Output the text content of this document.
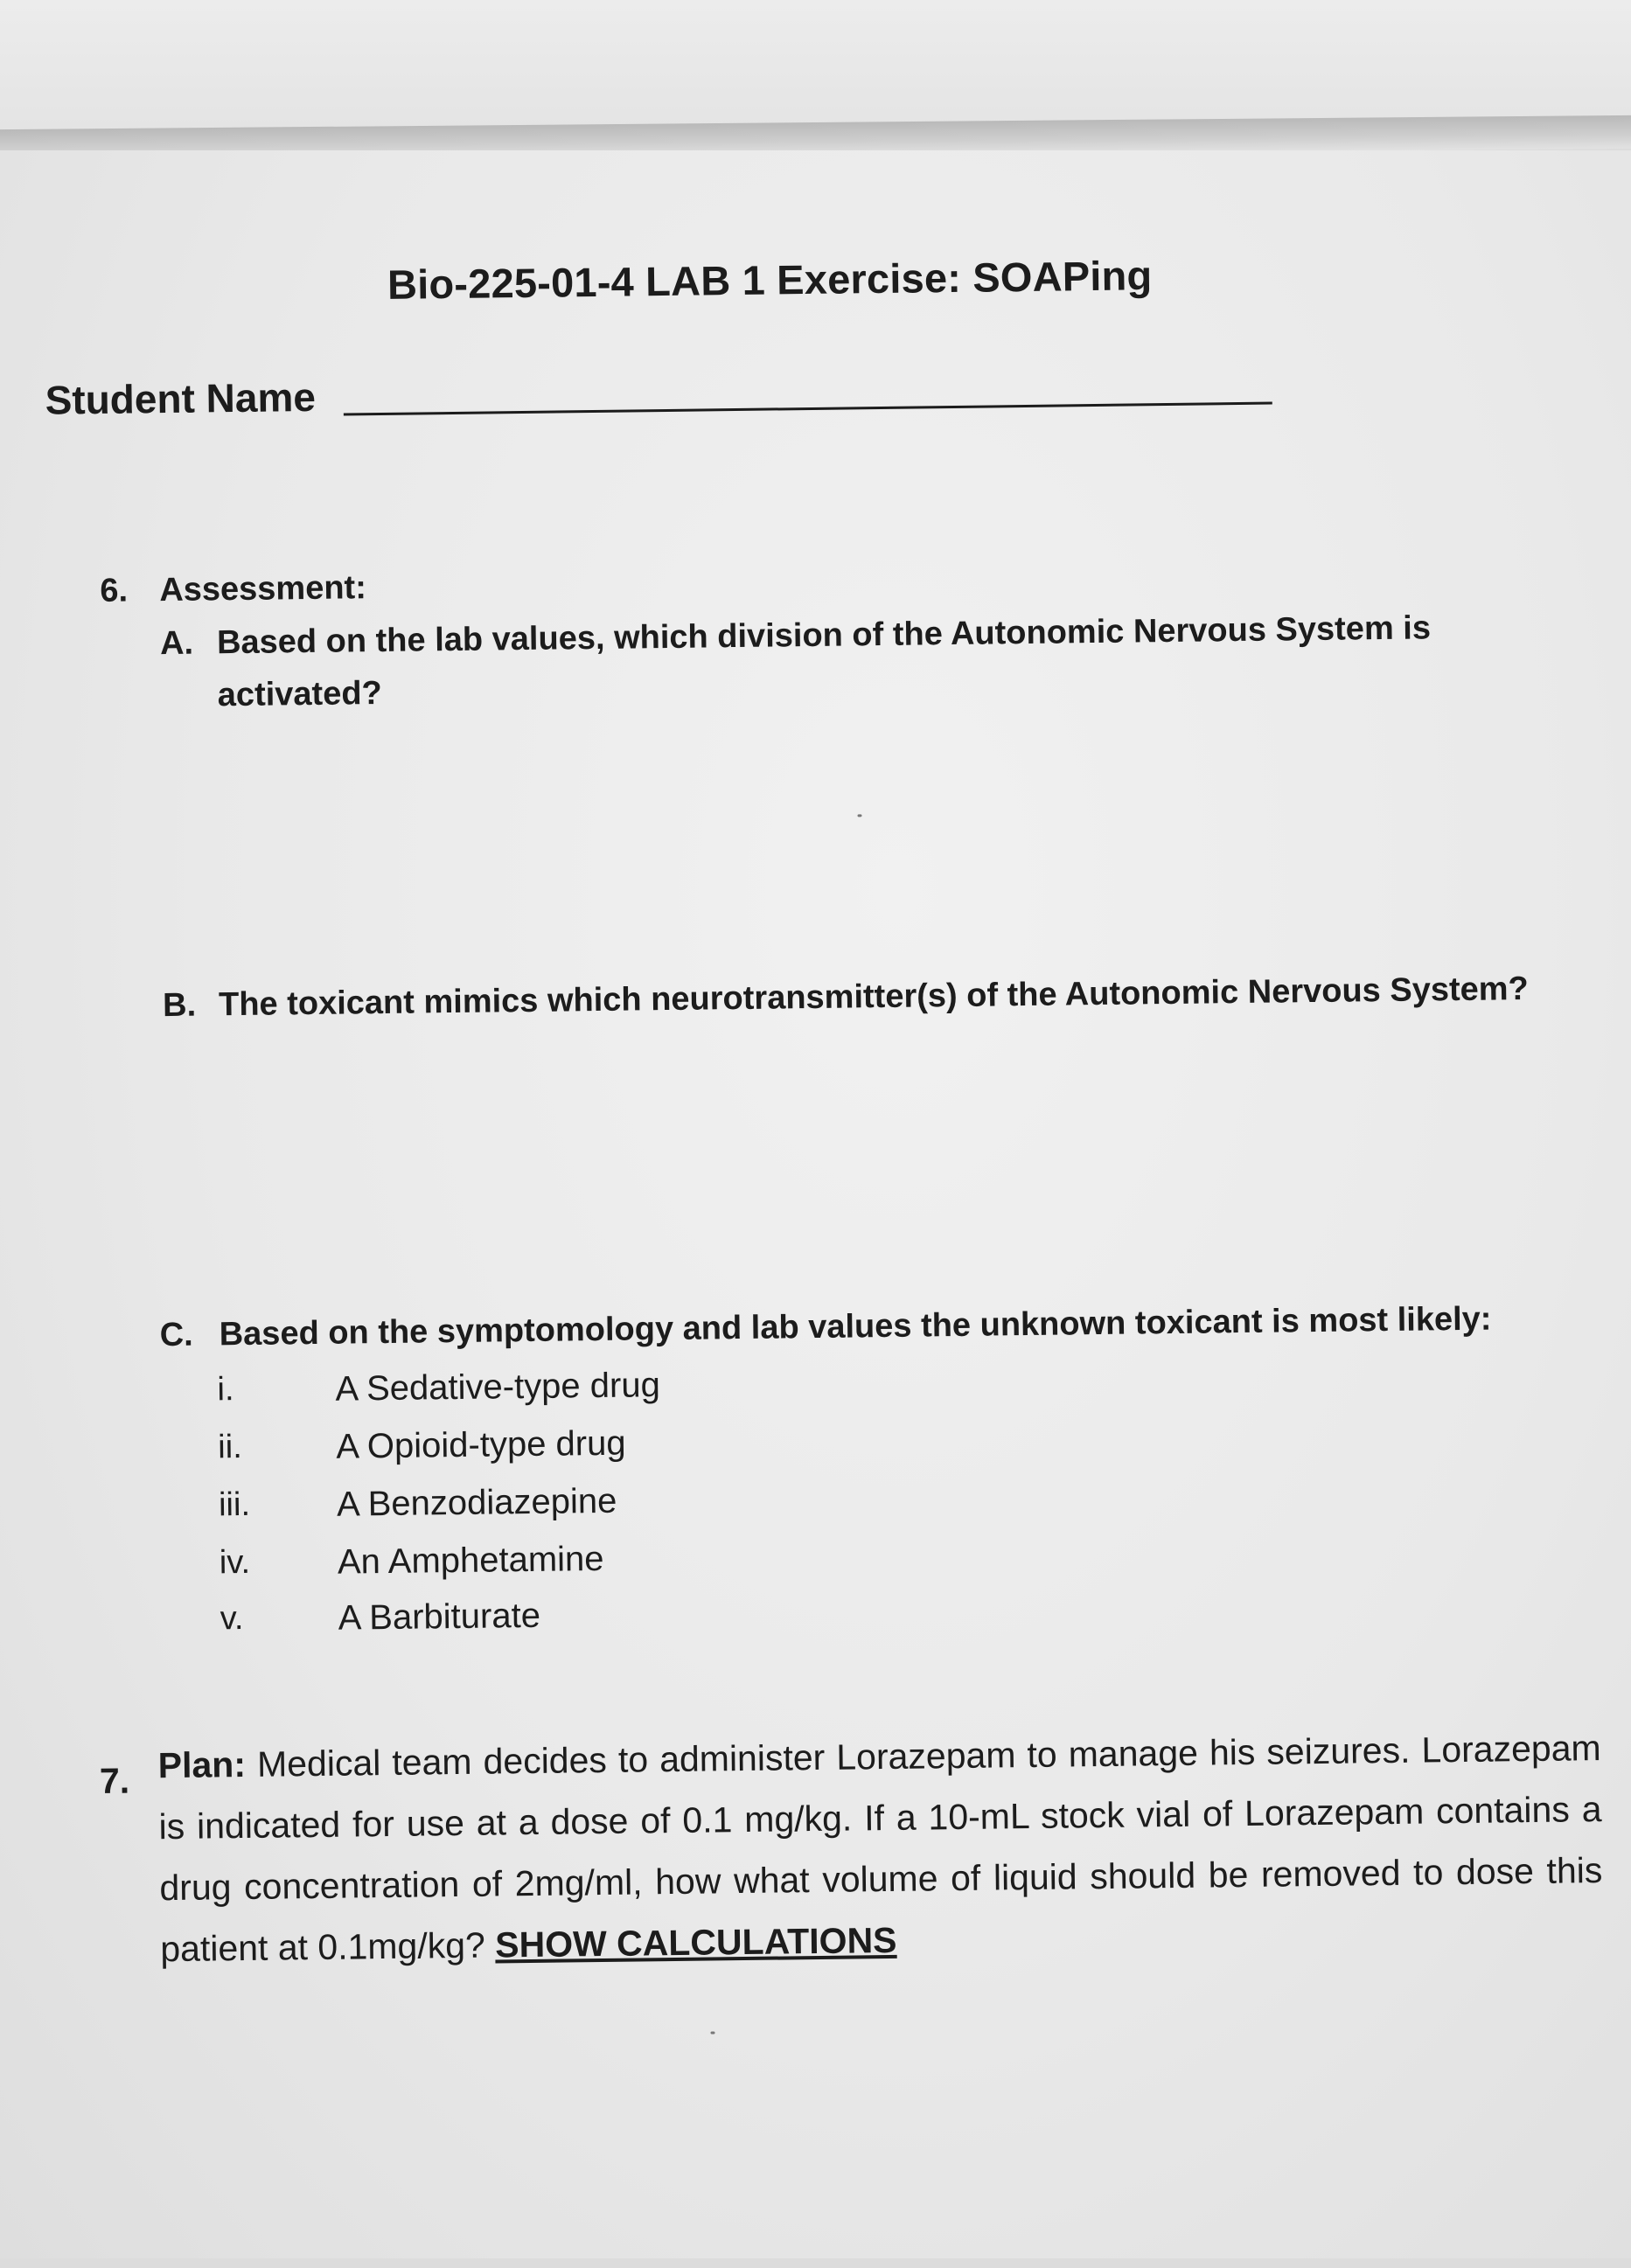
Bio-225-01-4 LAB 1 Exercise: SOAPing
Student Name
6. Assessment:
A. Based on the lab values, which division of the Autonomic Nervous System is
activated?
B. The toxicant mimics which neurotransmitter(s) of the Autonomic Nervous System?
C. Based on the symptomology and lab values the unknown toxicant is most likely:
i.	A Sedative-type drug
ii.	A Opioid-type drug
iii. A Benzodiazepine
iv. An Amphetamine
v.	A Barbiturate
7. Plan: Medical team decides to administer Lorazepam to manage his seizures. Lorazepam is indicated for use at a dose of 0.1 mg/kg. If a 10-mL stock vial of Lorazepam contains a drug concentration of 2mg/ml, how what volume of liquid should be removed to dose this patient at 0.1mg/kg? SHOW CALCULATIONS
